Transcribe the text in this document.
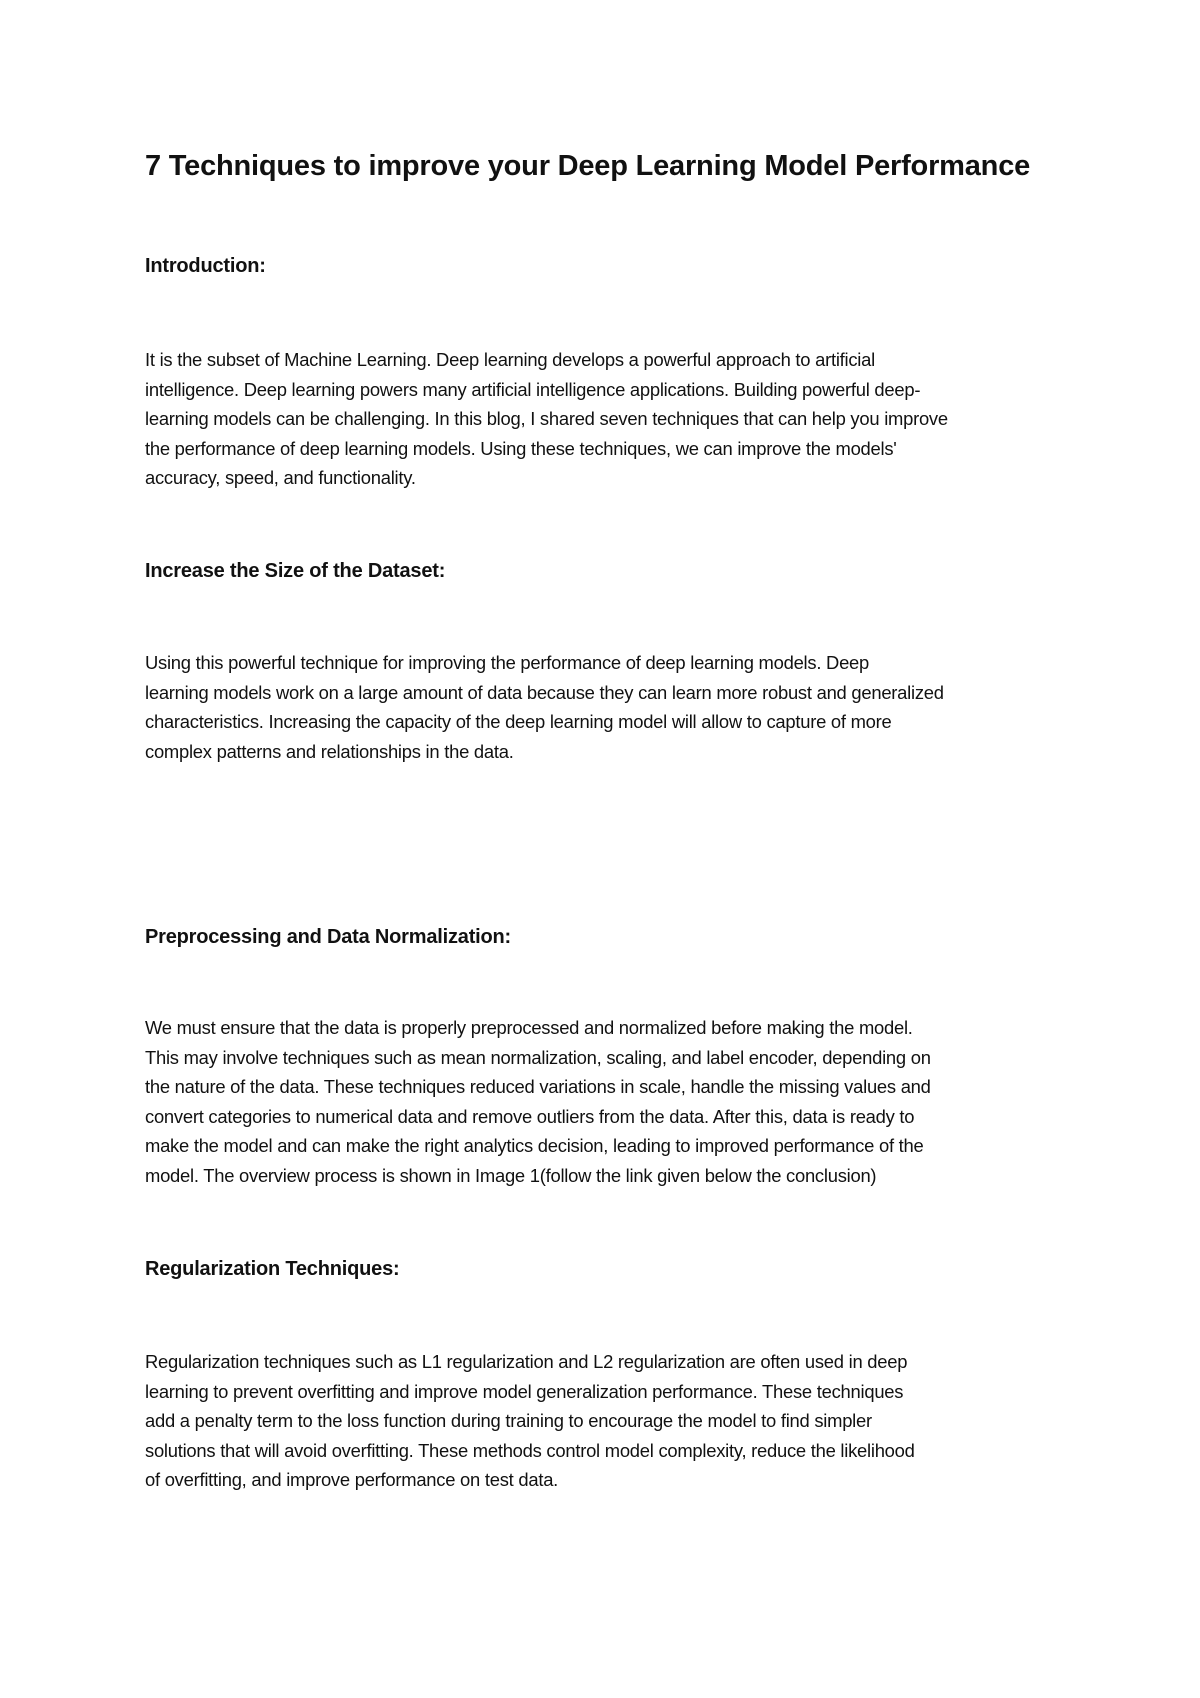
7 Techniques to improve your Deep Learning Model Performance
Introduction:

It is the subset of Machine Learning. Deep learning develops a powerful approach to artificial
intelligence. Deep learning powers many artificial intelligence applications. Building powerful deep-
learning models can be challenging. In this blog, I shared seven techniques that can help you improve
the performance of deep learning models. Using these techniques, we can improve the models'
accuracy, speed, and functionality.

Increase the Size of the Dataset:

Using this powerful technique for improving the performance of deep learning models. Deep
learning models work on a large amount of data because they can learn more robust and generalized
characteristics. Increasing the capacity of the deep learning model will allow to capture of more
complex patterns and relationships in the data.

Preprocessing and Data Normalization:

We must ensure that the data is properly preprocessed and normalized before making the model.
This may involve techniques such as mean normalization, scaling, and label encoder, depending on
the nature of the data. These techniques reduced variations in scale, handle the missing values and
convert categories to numerical data and remove outliers from the data. After this, data is ready to
make the model and can make the right analytics decision, leading to improved performance of the
model. The overview process is shown in Image 1(follow the link given below the conclusion)

Regularization Techniques:

Regularization techniques such as L1 regularization and L2 regularization are often used in deep
learning to prevent overfitting and improve model generalization performance. These techniques
add a penalty term to the loss function during training to encourage the model to find simpler
solutions that will avoid overfitting. These methods control model complexity, reduce the likelihood
of overfitting, and improve performance on test data.
